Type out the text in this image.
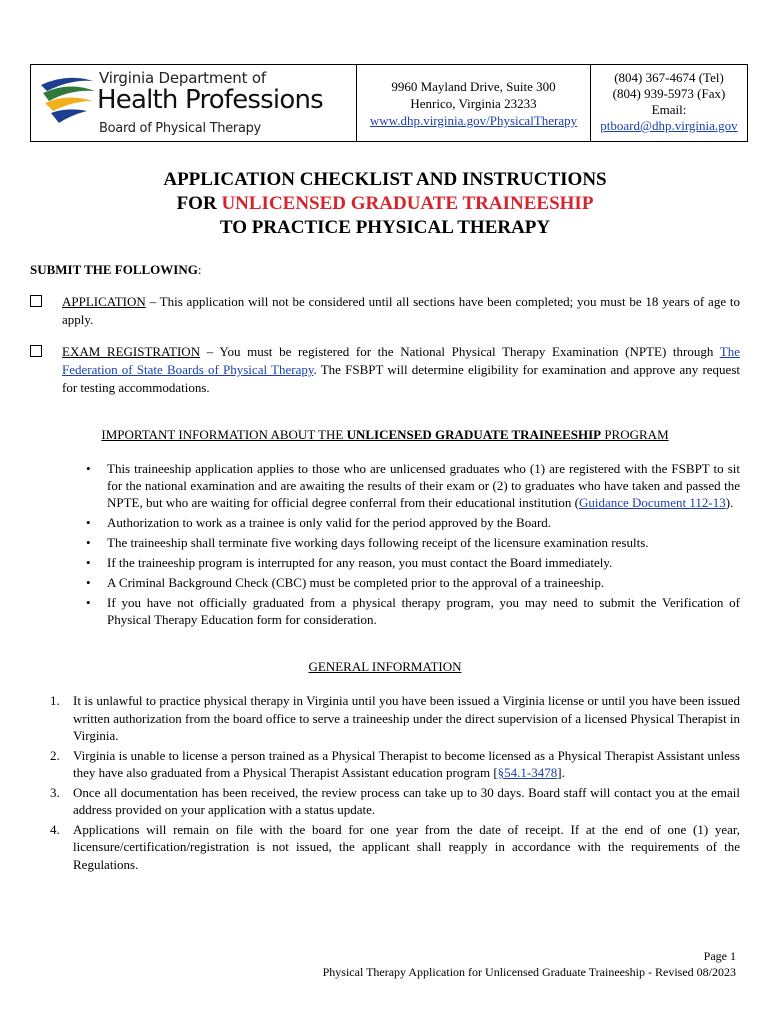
Virginia Department of
Health Professions
Board of Physical Therapy
9960 Mayland Drive, Suite 300
Henrico, Virginia 23233
www.dhp.virginia.gov/PhysicalTherapy
(804) 367-4674 (Tel)
(804) 939-5973 (Fax)
Email:
ptboard@dhp.virginia.gov
APPLICATION CHECKLIST AND INSTRUCTIONS
FOR UNLICENSED GRADUATE TRAINEESHIP
TO PRACTICE PHYSICAL THERAPY
SUBMIT THE FOLLOWING:
APPLICATION – This application will not be considered until all sections have been completed; you must be 18 years of age to apply.
EXAM REGISTRATION – You must be registered for the National Physical Therapy Examination (NPTE) through The Federation of State Boards of Physical Therapy. The FSBPT will determine eligibility for examination and approve any request for testing accommodations.
IMPORTANT INFORMATION ABOUT THE UNLICENSED GRADUATE TRAINEESHIP PROGRAM
• This traineeship application applies to those who are unlicensed graduates who (1) are registered with the FSBPT to sit for the national examination and are awaiting the results of their exam or (2) to graduates who have taken and passed the NPTE, but who are waiting for official degree conferral from their educational institution (Guidance Document 112-13).
• Authorization to work as a trainee is only valid for the period approved by the Board.
• The traineeship shall terminate five working days following receipt of the licensure examination results.
• If the traineeship program is interrupted for any reason, you must contact the Board immediately.
• A Criminal Background Check (CBC) must be completed prior to the approval of a traineeship.
• If you have not officially graduated from a physical therapy program, you may need to submit the Verification of Physical Therapy Education form for consideration.
GENERAL INFORMATION
1. It is unlawful to practice physical therapy in Virginia until you have been issued a Virginia license or until you have been issued written authorization from the board office to serve a traineeship under the direct supervision of a licensed Physical Therapist in Virginia.
2. Virginia is unable to license a person trained as a Physical Therapist to become licensed as a Physical Therapist Assistant unless they have also graduated from a Physical Therapist Assistant education program [§54.1-3478].
3. Once all documentation has been received, the review process can take up to 30 days. Board staff will contact you at the email address provided on your application with a status update.
4. Applications will remain on file with the board for one year from the date of receipt. If at the end of one (1) year, licensure/certification/registration is not issued, the applicant shall reapply in accordance with the requirements of the Regulations.
Page 1
Physical Therapy Application for Unlicensed Graduate Traineeship - Revised 08/2023
